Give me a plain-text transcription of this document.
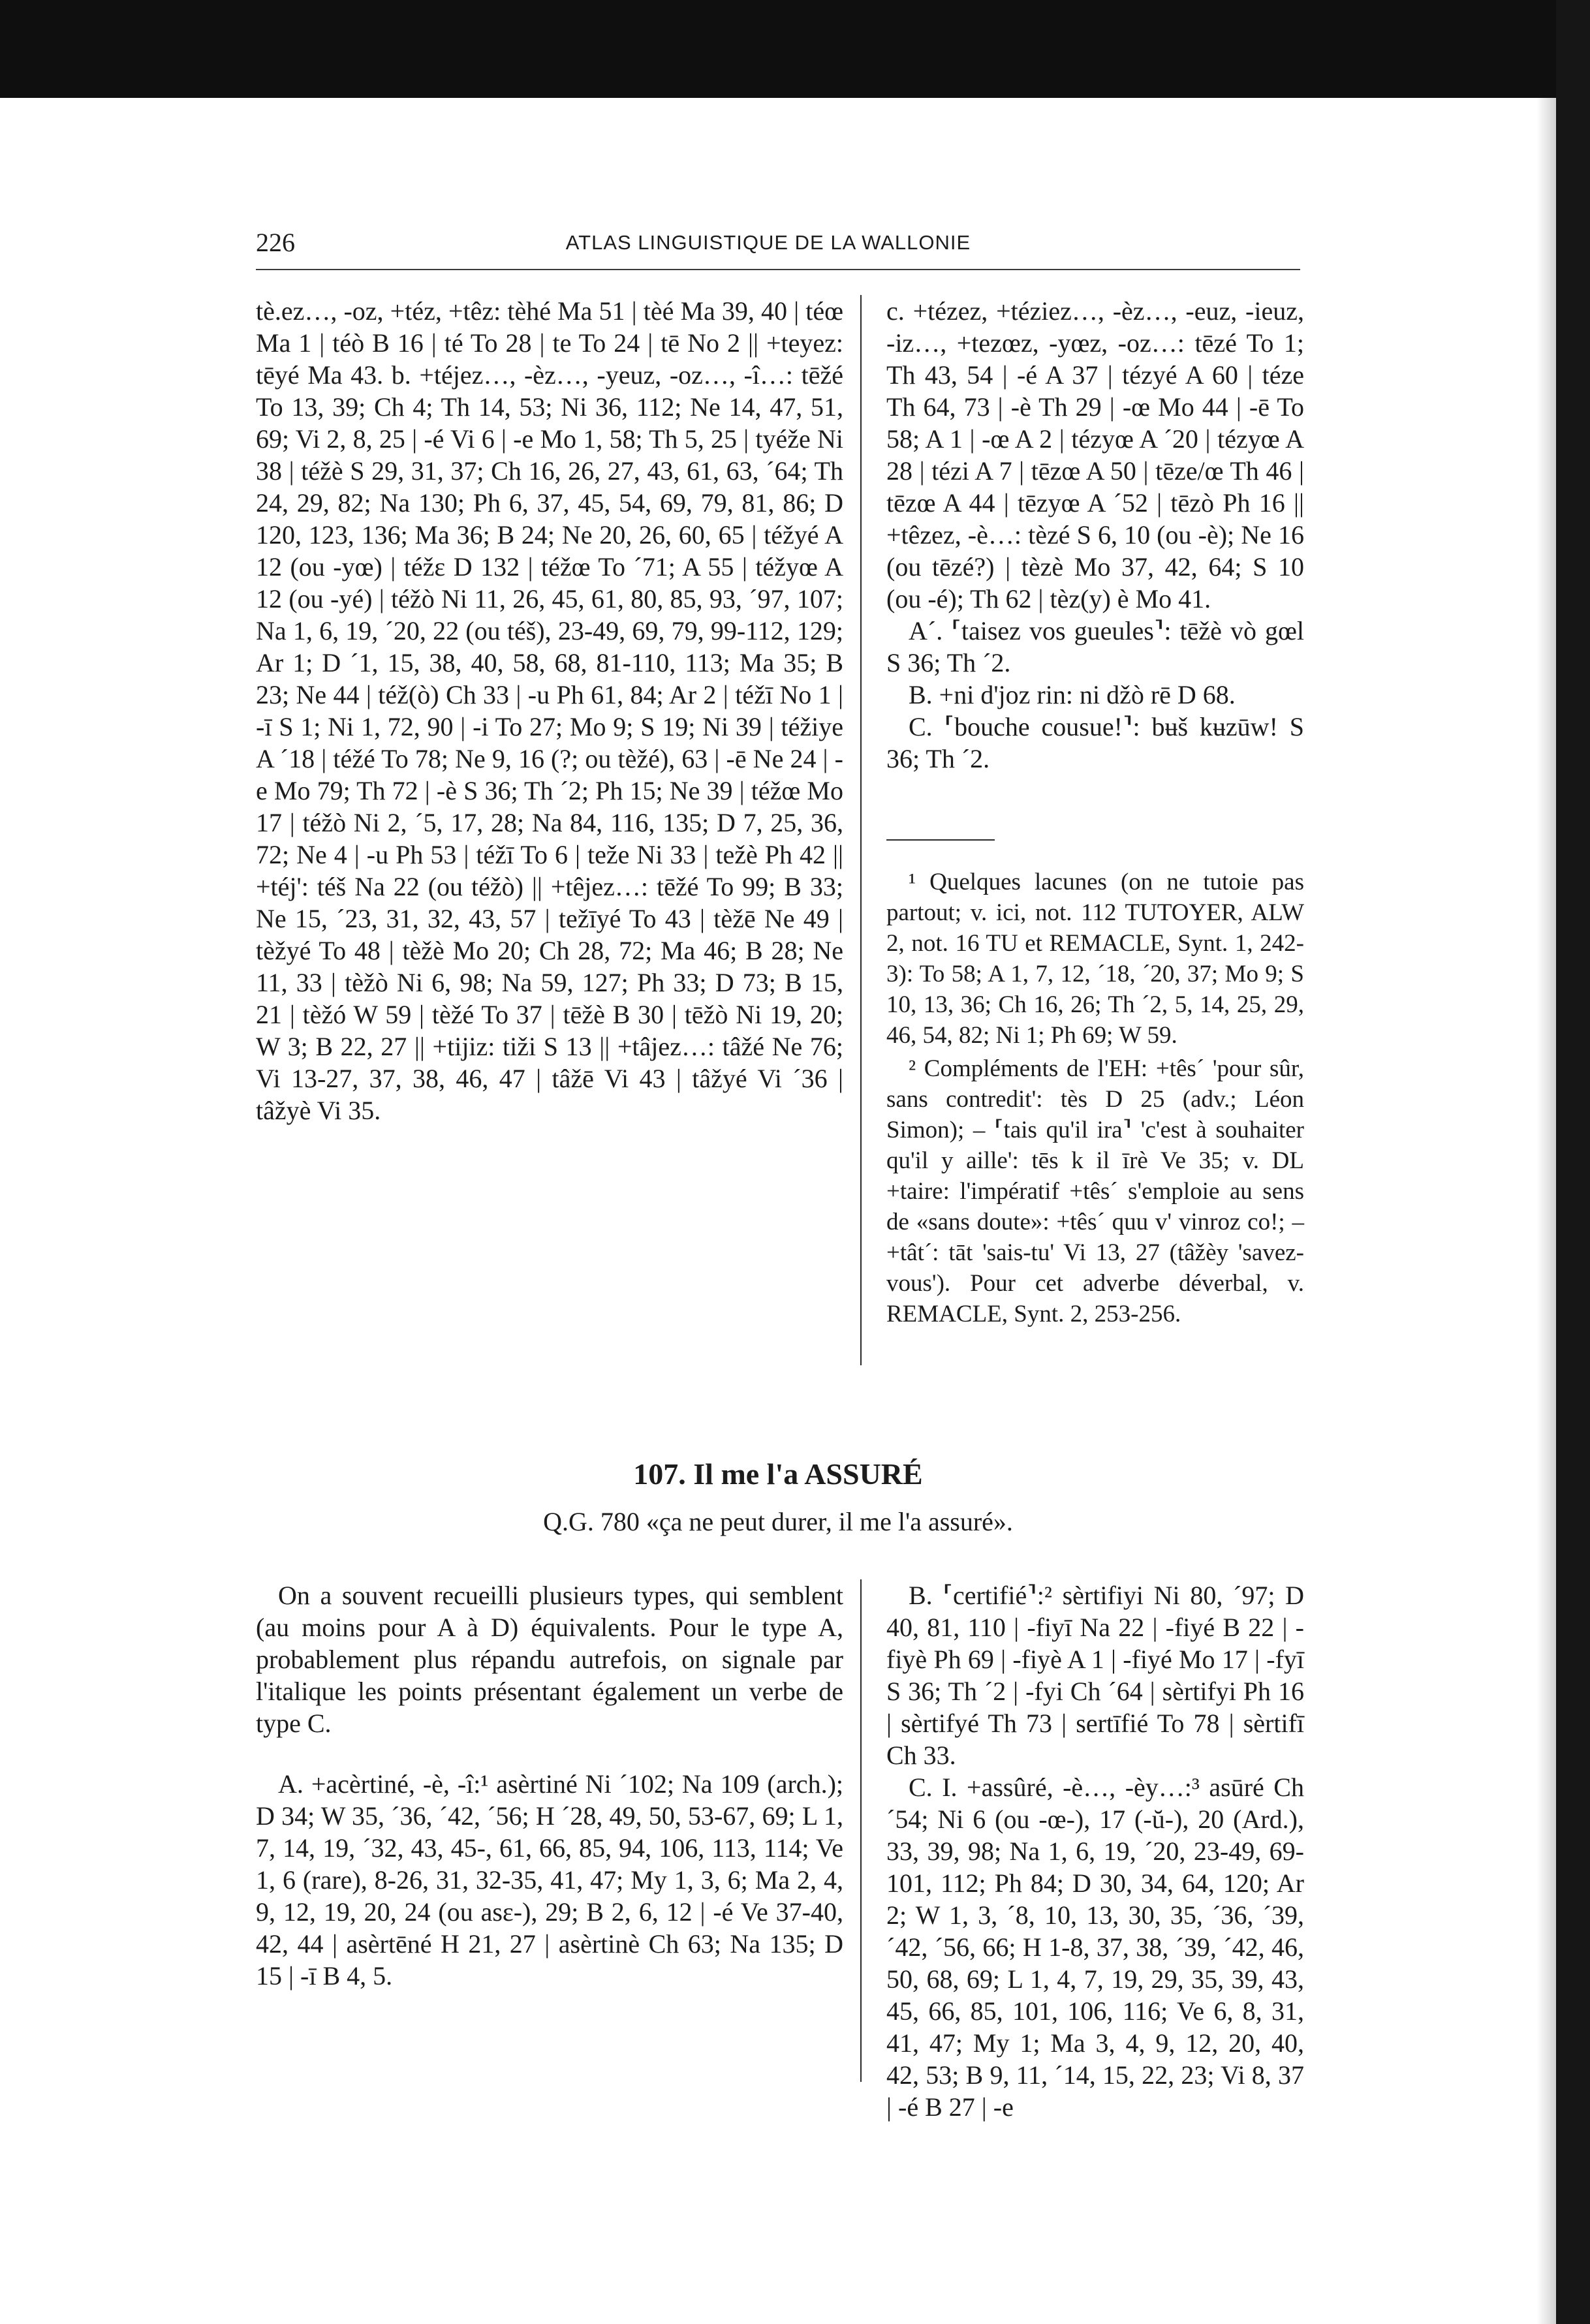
226	ATLAS LINGUISTIQUE DE LA WALLONIE

tè.ez…, -oz, +téz, +têz: tèhé Ma 51 | tèé Ma 39, 40 | téœ Ma 1 | téò B 16 | té To 28 | te To 24 | tē No 2 || +teyez: tēyé Ma 43. b. +téjez…, -èz…, -yeuz, -oz…, -î…: tēžé To 13, 39; Ch 4; Th 14, 53; Ni 36, 112; Ne 14, 47, 51, 69; Vi 2, 8, 25 | -é Vi 6 | -e Mo 1, 58; Th 5, 25 | tyéže Ni 38 | téžè S 29, 31, 37; Ch 16, 26, 27, 43, 61, 63, ´64; Th 24, 29, 82; Na 130; Ph 6, 37, 45, 54, 69, 79, 81, 86; D 120, 123, 136; Ma 36; B 24; Ne 20, 26, 60, 65 | téžyé A 12 (ou -yœ) | téžɛ D 132 | téžœ To ´71; A 55 | téžyœ A 12 (ou -yé) | téžò Ni 11, 26, 45, 61, 80, 85, 93, ´97, 107; Na 1, 6, 19, ´20, 22 (ou téš), 23-49, 69, 79, 99-112, 129; Ar 1; D ´1, 15, 38, 40, 58, 68, 81-110, 113; Ma 35; B 23; Ne 44 | též(ò) Ch 33 | -u Ph 61, 84; Ar 2 | téžī No 1 | -ī S 1; Ni 1, 72, 90 | -i To 27; Mo 9; S 19; Ni 39 | téžiye A ´18 | téžé To 78; Ne 9, 16 (?; ou tèžé), 63 | -ē Ne 24 | -e Mo 79; Th 72 | -è S 36; Th ´2; Ph 15; Ne 39 | téžœ Mo 17 | téžò Ni 2, ´5, 17, 28; Na 84, 116, 135; D 7, 25, 36, 72; Ne 4 | -u Ph 53 | téžī To 6 | teže Ni 33 | težè Ph 42 || +téj': téš Na 22 (ou téžò) || +têjez…: tēžé To 99; B 33; Ne 15, ´23, 31, 32, 43, 57 | težīyé To 43 | tèžē Ne 49 | tèžyé To 48 | tèžè Mo 20; Ch 28, 72; Ma 46; B 28; Ne 11, 33 | tèžò Ni 6, 98; Na 59, 127; Ph 33; D 73; B 15, 21 | tèžó W 59 | tèžé To 37 | tēžè B 30 | tēžò Ni 19, 20; W 3; B 22, 27 || +tijiz: tiži S 13 || +tâjez…: tâžé Ne 76; Vi 13-27, 37, 38, 46, 47 | tâžē Vi 43 | tâžyé Vi ´36 | tâžyè Vi 35.

c. +tézez, +téziez…, -èz…, -euz, -ieuz, -iz…, +tezœz, -yœz, -oz…: tēzé To 1; Th 43, 54 | -é A 37 | tézyé A 60 | téze Th 64, 73 | -è Th 29 | -œ Mo 44 | -ē To 58; A 1 | -œ A 2 | tézyœ A ´20 | tézyœ A 28 | tézi A 7 | tēzœ A 50 | tēze/œ Th 46 | tēzœ A 44 | tēzyœ A ´52 | tēzò Ph 16 || +têzez, -è…: tèzé S 6, 10 (ou -è); Ne 16 (ou tēzé?) | tèzè Mo 37, 42, 64; S 10 (ou -é); Th 62 | tèz(y) è Mo 41.

A´. ⸢taisez vos gueules⸣: tēžè vò gœl S 36; Th ´2.

B. +ni d'joz rin: ni džò rē D 68.

C. ⸢bouche cousue!⸣: bʉš kʉzūw! S 36; Th ´2.

¹ Quelques lacunes (on ne tutoie pas partout; v. ici, not. 112 TUTOYER, ALW 2, not. 16 TU et REMACLE, Synt. 1, 242-3): To 58; A 1, 7, 12, ´18, ´20, 37; Mo 9; S 10, 13, 36; Ch 16, 26; Th ´2, 5, 14, 25, 29, 46, 54, 82; Ni 1; Ph 69; W 59.

² Compléments de l'EH: +tês´ 'pour sûr, sans contredit': tès D 25 (adv.; Léon Simon); – ⸢tais qu'il ira⸣ 'c'est à souhaiter qu'il y aille': tēs k il īrè Ve 35; v. DL +taire: l'impératif +tês´ s'emploie au sens de «sans doute»: +tês´ quu v' vinroz co!; – +tât´: tāt 'sais-tu' Vi 13, 27 (tâžèy 'savez-vous'). Pour cet adverbe déverbal, v. REMACLE, Synt. 2, 253-256.

107. Il me l'a ASSURÉ
Q.G. 780 «ça ne peut durer, il me l'a assuré».

On a souvent recueilli plusieurs types, qui semblent (au moins pour A à D) équivalents. Pour le type A, probablement plus répandu autrefois, on signale par l'italique les points présentant également un verbe de type C.

A. +acèrtiné, -è, -î:¹ asèrtiné Ni ´102; Na 109 (arch.); D 34; W 35, ´36, ´42, ´56; H ´28, 49, 50, 53-67, 69; L 1, 7, 14, 19, ´32, 43, 45-, 61, 66, 85, 94, 106, 113, 114; Ve 1, 6 (rare), 8-26, 31, 32-35, 41, 47; My 1, 3, 6; Ma 2, 4, 9, 12, 19, 20, 24 (ou asɛ-), 29; B 2, 6, 12 | -é Ve 37-40, 42, 44 | asèrtēné H 21, 27 | asèrtinè Ch 63; Na 135; D 15 | -ī B 4, 5.

B. ⸢certifié⸣:² sèrtifiyi Ni 80, ´97; D 40, 81, 110 | -fiyī Na 22 | -fiyé B 22 | -fiyè Ph 69 | -fiyè A 1 | -fiyé Mo 17 | -fyī S 36; Th ´2 | -fyi Ch ´64 | sèrtifyi Ph 16 | sèrtifyé Th 73 | sertīfié To 78 | sèrtifī Ch 33.

C. I. +assûré, -è…, -èy…:³ asūré Ch ´54; Ni 6 (ou -œ-), 17 (-ŭ-), 20 (Ard.), 33, 39, 98; Na 1, 6, 19, ´20, 23-49, 69-101, 112; Ph 84; D 30, 34, 64, 120; Ar 2; W 1, 3, ´8, 10, 13, 30, 35, ´36, ´39, ´42, ´56, 66; H 1-8, 37, 38, ´39, ´42, 46, 50, 68, 69; L 1, 4, 7, 19, 29, 35, 39, 43, 45, 66, 85, 101, 106, 116; Ve 6, 8, 31, 41, 47; My 1; Ma 3, 4, 9, 12, 20, 40, 42, 53; B 9, 11, ´14, 15, 22, 23; Vi 8, 37 | -é B 27 | -e
